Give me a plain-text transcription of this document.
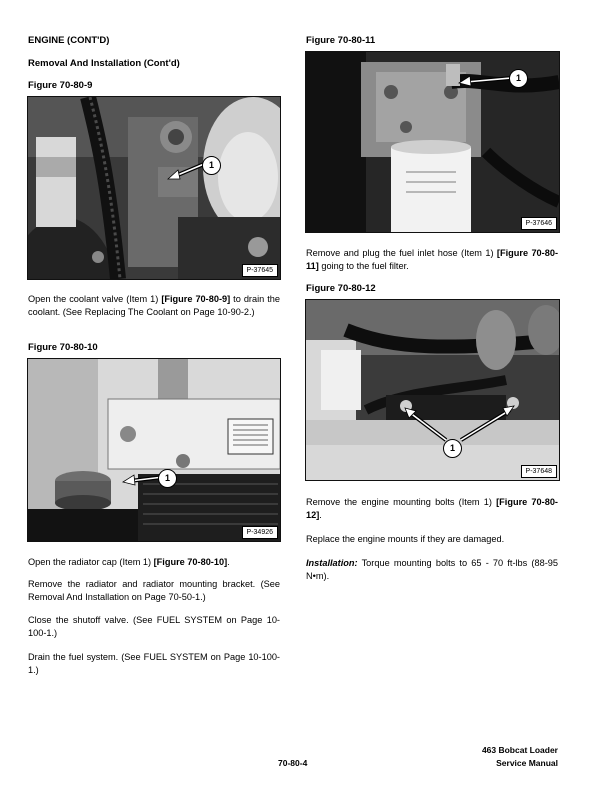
ENGINE (CONT'D)
Removal And Installation (Cont'd)
Figure 70-80-9
1
P-37645
Open the coolant valve (Item 1) [Figure 70-80-9] to drain the coolant. (See Replacing The Coolant on Page 10-90-2.)
Figure 70-80-10
1
P-34926
Open the radiator cap (Item 1) [Figure 70-80-10].
Remove the radiator and radiator mounting bracket. (See Removal And Installation on Page 70-50-1.)
Close the shutoff valve. (See FUEL SYSTEM on Page 10-100-1.)
Drain the fuel system. (See FUEL SYSTEM on Page 10-100-1.)
Figure 70-80-11
1
P-37646
Remove and plug the fuel inlet hose (Item 1) [Figure 70-80-11] going to the fuel filter.
Figure 70-80-12
1
P-37648
Remove the engine mounting bolts (Item 1) [Figure 70-80-12].
Replace the engine mounts if they are damaged.
Installation: Torque mounting bolts to 65 - 70 ft-lbs (88-95 N•m).
70-80-4
463 Bobcat Loader
Service Manual
